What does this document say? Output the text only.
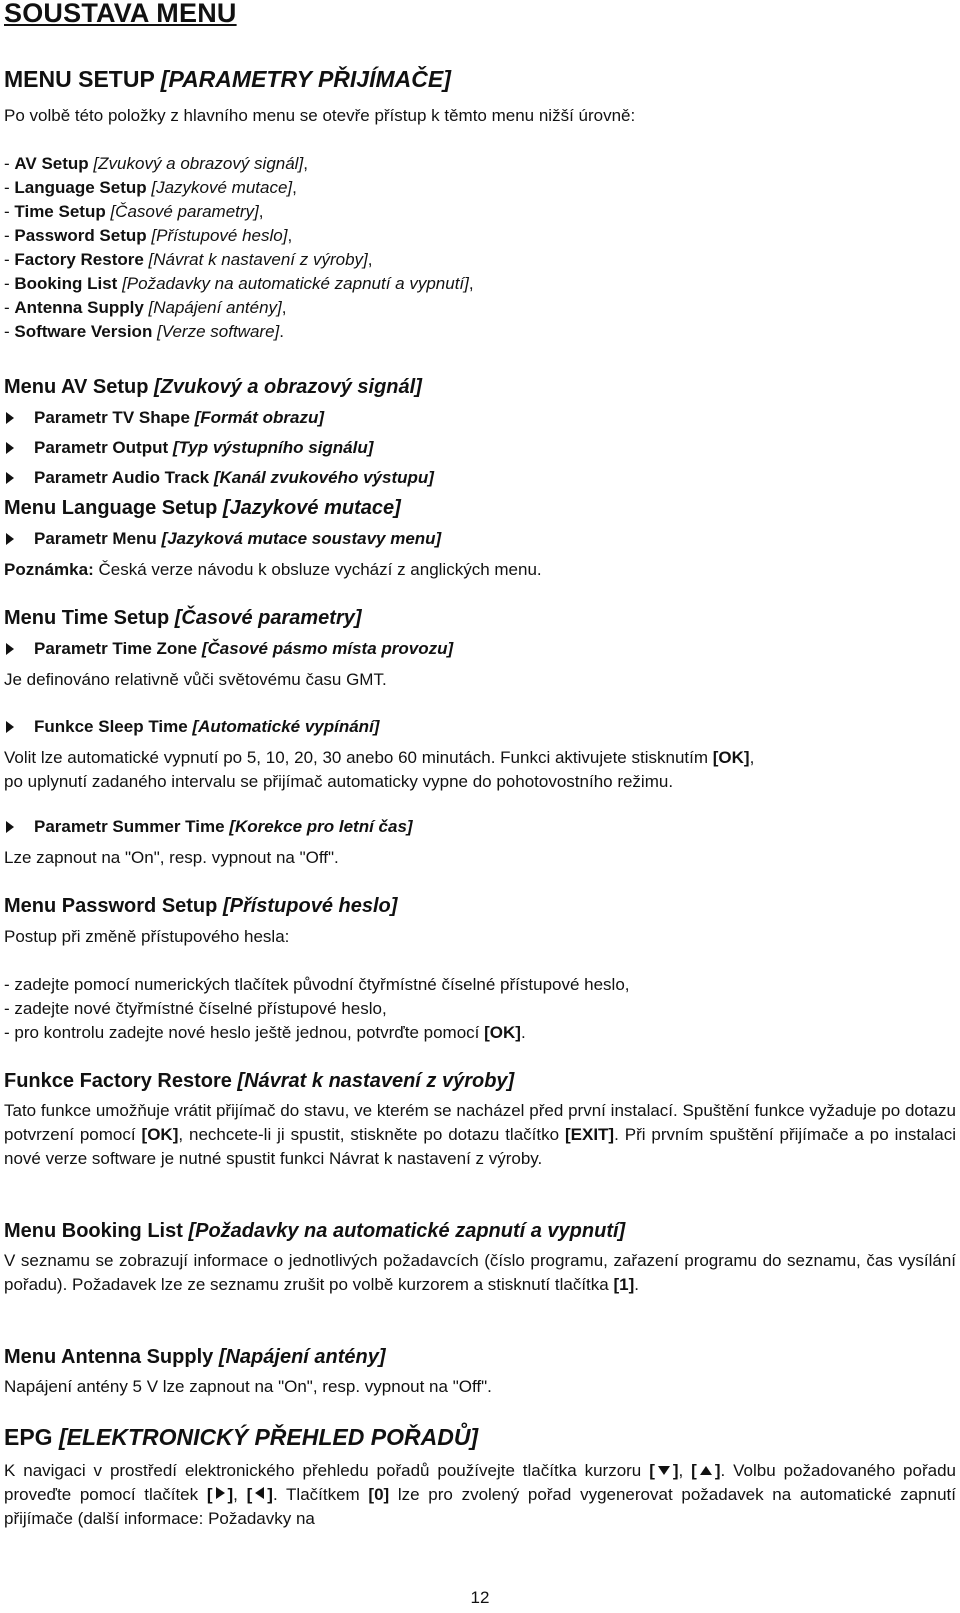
SOUSTAVA MENU
MENU SETUP [PARAMETRY PŘIJÍMAČE]
Po volbě této položky z hlavního menu se otevře přístup k těmto menu nižší úrovně:
- AV Setup [Zvukový a obrazový signál],
- Language Setup [Jazykové mutace],
- Time Setup [Časové parametry],
- Password Setup [Přístupové heslo],
- Factory Restore [Návrat k nastavení z výroby],
- Booking List [Požadavky na automatické zapnutí a vypnutí],
- Antenna Supply [Napájení antény],
- Software Version [Verze software].
Menu AV Setup [Zvukový a obrazový signál]
Parametr TV Shape [Formát obrazu]
Parametr Output [Typ výstupního signálu]
Parametr Audio Track [Kanál zvukového výstupu]
Menu Language Setup [Jazykové mutace]
Parametr Menu [Jazyková mutace soustavy menu]
Poznámka: Česká verze návodu k obsluze vychází z anglických menu.
Menu Time Setup [Časové parametry]
Parametr Time Zone [Časové pásmo místa provozu]
Je definováno relativně vůči světovému času GMT.
Funkce Sleep Time [Automatické vypínání]
Volit lze automatické vypnutí po 5, 10, 20, 30 anebo 60 minutách. Funkci aktivujete stisknutím [OK],
po uplynutí zadaného intervalu se přijímač automaticky vypne do pohotovostního režimu.
Parametr Summer Time [Korekce pro letní čas]
Lze zapnout na "On", resp. vypnout na "Off".
Menu Password Setup [Přístupové heslo]
Postup při změně přístupového hesla:
- zadejte pomocí numerických tlačítek původní čtyřmístné číselné přístupové heslo,
- zadejte nové čtyřmístné číselné přístupové heslo,
- pro kontrolu zadejte nové heslo ještě jednou, potvrďte pomocí [OK].
Funkce Factory Restore [Návrat k nastavení z výroby]
Tato funkce umožňuje vrátit přijímač do stavu, ve kterém se nacházel před první instalací. Spuštění funkce vyžaduje po dotazu potvrzení pomocí [OK], nechcete-li ji spustit, stiskněte po dotazu tlačítko [EXIT]. Při prvním spuštění přijímače a po instalaci nové verze software je nutné spustit funkci Návrat k nastavení z výroby.
Menu Booking List [Požadavky na automatické zapnutí a vypnutí]
V seznamu se zobrazují informace o jednotlivých požadavcích (číslo programu, zařazení programu do seznamu, čas vysílání pořadu). Požadavek lze ze seznamu zrušit po volbě kurzorem a stisknutí tlačítka [1].
Menu Antenna Supply [Napájení antény]
Napájení antény 5 V lze zapnout na "On", resp. vypnout na "Off".
EPG [ELEKTRONICKÝ PŘEHLED POŘADŮ]
K navigaci v prostředí elektronického přehledu pořadů používejte tlačítka kurzoru [ ], [ ]. Volbu požadovaného pořadu proveďte pomocí tlačítek [ ], [ ]. Tlačítkem [0] lze pro zvolený pořad vygenerovat požadavek na automatické zapnutí přijímače (další informace: Požadavky na
12
